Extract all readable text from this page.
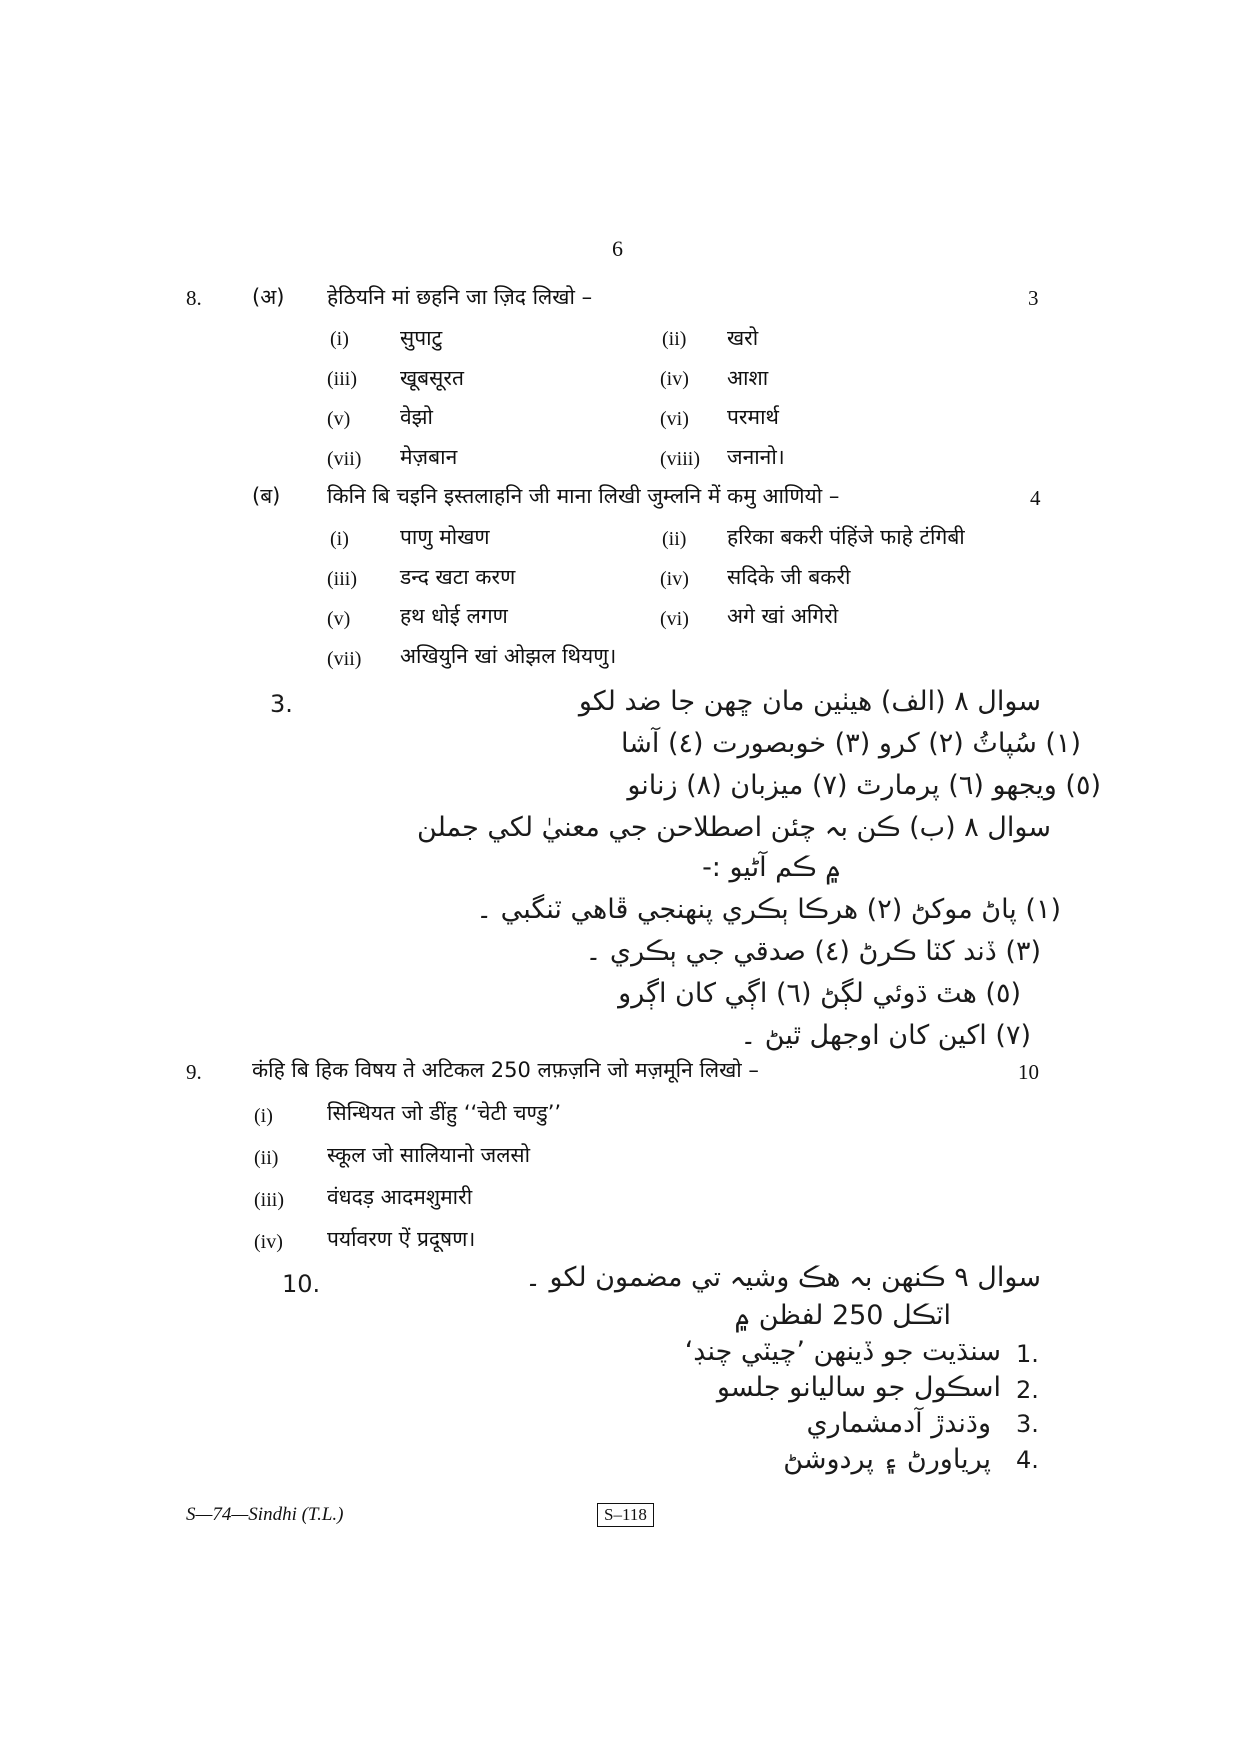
6
8. (अ) हेठियनि मां छहनि जा ज़िद लिखो –	3
(i) सुपाटु	(ii) खरो
(iii) खूबसूरत	(iv) आशा
(v) वेझो	(vi) परमार्थ
(vii) मेज़बान	(viii) जनानो।
(ब) किनि बि चइनि इस्तलाहनि जी माना लिखी जुम्लनि में कमु आणियो –	4
(i) पाणु मोखण	(ii) हरिका बकरी पंहिंजे फाहे टंगिबी
(iii) डन्द खटा करण	(iv) सदिके जी बकरी
(v) हथ धोई लगण	(vi) अगे खां अगिरो
(vii) अखियुनि खां ओझल थियणु।
3.	سوال ٨ (الف) هيٺين مان ڇهن جا ضد لکو
(١) سُپاٽُ (٢) کرو (٣) خوبصورت (٤) آشا
(٥) ويجهو (٦) پرمارٿ (٧) ميزبان (٨) زنانو
سوال ٨ (ب) ڪن بہ چئن اصطلاحن جي معنيٰ لکي جملن
۾ ڪم آڻيو :-
(١) پاڻ موکڻ (٢) هرڪا ٻڪري پنهنجي ڦاهي ٽنگبي ۔
(٣) ڏند کٽا ڪرڻ (٤) صدقي جي ٻڪري ۔
(٥) هٿ ڌوئي لڳڻ (٦) اڳي کان اڳرو
(٧) اکين کان اوجهل ٿيڻ ۔
9. कंहि बि हिक विषय ते अटिकल 250 लफ़ज़नि जो मज़मूनि लिखो –	10
(i)	सिन्धियत जो डींहु ‘‘चेटी चण्डु’’
(ii) स्कूल जो सालियानो जलसो
(iii) वंधदड़ आदमशुमारी
(iv) पर्यावरण ऐं प्रदूषण।
10.	سوال ٩ ڪنهن بہ هڪ وشيہ تي مضمون لکو ۔
اٽڪل 250 لفظن ۾
سنڌيت جو ڏينهن ’چيٽي چنڊ‘ 1.
اسڪول جو ساليانو جلسو 2.
وڌندڙ آدمشماري 3.
پرياورڻ ۽ پردوشڻ 4.
S—74—Sindhi (T.L.)	S–118
